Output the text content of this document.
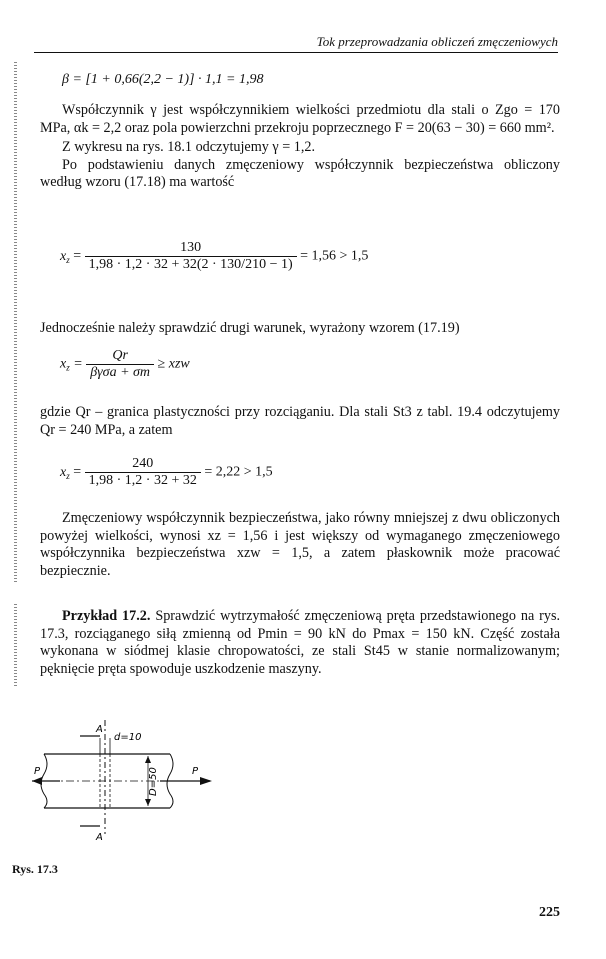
Tok przeprowadzania obliczeń zmęczeniowych
β = [1 + 0,66(2,2 − 1)] · 1,1 = 1,98

Współczynnik γ jest współczynnikiem wielkości przedmiotu dla stali o Zgo = 170 MPa, αk = 2,2 oraz pola powierzchni przekroju poprzecznego F = 20(63 − 30) = 660 mm².

Z wykresu na rys. 18.1 odczytujemy γ = 1,2.

Po podstawieniu danych zmęczeniowy współczynnik bezpieczeństwa obliczony według wzoru (17.18) ma wartość

$x_z = \frac{130}{1,98 \cdot 1,2 \cdot 32 + 32(2 \cdot 130/210 - 1)} = 1,56 > 1,5$

Jednocześnie należy sprawdzić drugi warunek, wyrażony wzorem (17.19)

$x_z = \frac{Qr}{\text{βγσa + σm}}$ ≥ xzw

gdzie Qr – granica plastyczności przy rozciąganiu. Dla stali St3 z tabl. 19.4 odczytujemy Qr = 240 MPa, a zatem

$x_z = \frac{240}{1,98 \cdot 1,2 \cdot 32 + 32} = 2,22 > 1,5$

Zmęczeniowy współczynnik bezpieczeństwa, jako równy mniejszej z dwu obliczonych powyżej wielkości, wynosi xz = 1,56 i jest większy od wymaganego zmęczeniowego współczynnika bezpieczeństwa xzw = 1,5, a zatem płaskownik może pracować bezpiecznie.

Przykład 17.2. Sprawdzić wytrzymałość zmęczeniową pręta przedstawionego na rys. 17.3, rozciąganego siłą zmienną od Pmin = 90 kN do Pmax = 150 kN. Część została wykonana w siódmej klasie chropowatości, ze stali St45 w stanie normalizowanym; pęknięcie pręta spowoduje uszkodzenie maszyny.

A
A
d=10
P	P
D=50
Rys. 17.3
225
